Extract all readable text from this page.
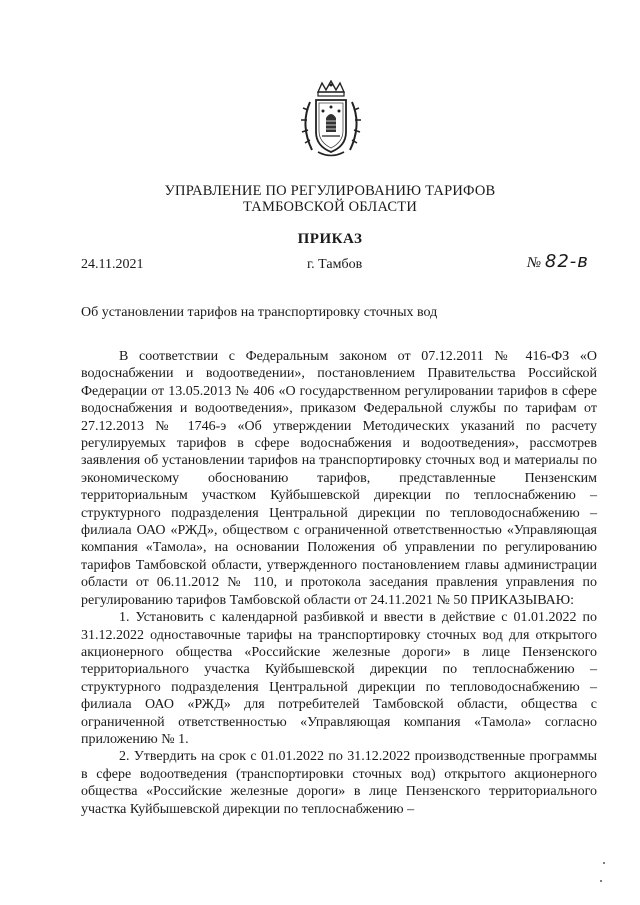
УПРАВЛЕНИЕ ПО РЕГУЛИРОВАНИЮ ТАРИФОВ
ТАМБОВСКОЙ ОБЛАСТИ
ПРИКАЗ
24.11.2021	г. Тамбов	№ 82-в
Об установлении тарифов на транспортировку сточных вод

В соответствии с Федеральным законом от 07.12.2011 № 416-ФЗ «О водоснабжении и водоотведении», постановлением Правительства Российской Федерации от 13.05.2013 № 406 «О государственном регулировании тарифов в сфере водоснабжения и водоотведения», приказом Федеральной службы по тарифам от 27.12.2013 № 1746-э «Об утверждении Методических указаний по расчету регулируемых тарифов в сфере водоснабжения и водоотведения», рассмотрев заявления об установлении тарифов на транспортировку сточных вод и материалы по экономическому обоснованию тарифов, представленные Пензенским территориальным участком Куйбышевской дирекции по теплоснабжению – структурного подразделения Центральной дирекции по тепловодоснабжению – филиала ОАО «РЖД», обществом с ограниченной ответственностью «Управляющая компания «Тамола», на основании Положения об управлении по регулированию тарифов Тамбовской области, утвержденного постановлением главы администрации области от 06.11.2012 № 110, и протокола заседания правления управления по регулированию тарифов Тамбовской области от 24.11.2021 № 50 ПРИКАЗЫВАЮ:

1. Установить с календарной разбивкой и ввести в действие с 01.01.2022 по 31.12.2022 одноставочные тарифы на транспортировку сточных вод для открытого акционерного общества «Российские железные дороги» в лице Пензенского территориального участка Куйбышевской дирекции по теплоснабжению – структурного подразделения Центральной дирекции по тепловодоснабжению – филиала ОАО «РЖД» для потребителей Тамбовской области, общества с ограниченной ответственностью «Управляющая компания «Тамола» согласно приложению № 1.

2. Утвердить на срок с 01.01.2022 по 31.12.2022 производственные программы в сфере водоотведения (транспортировки сточных вод) открытого акционерного общества «Российские железные дороги» в лице Пензенского территориального участка Куйбышевской дирекции по теплоснабжению –
